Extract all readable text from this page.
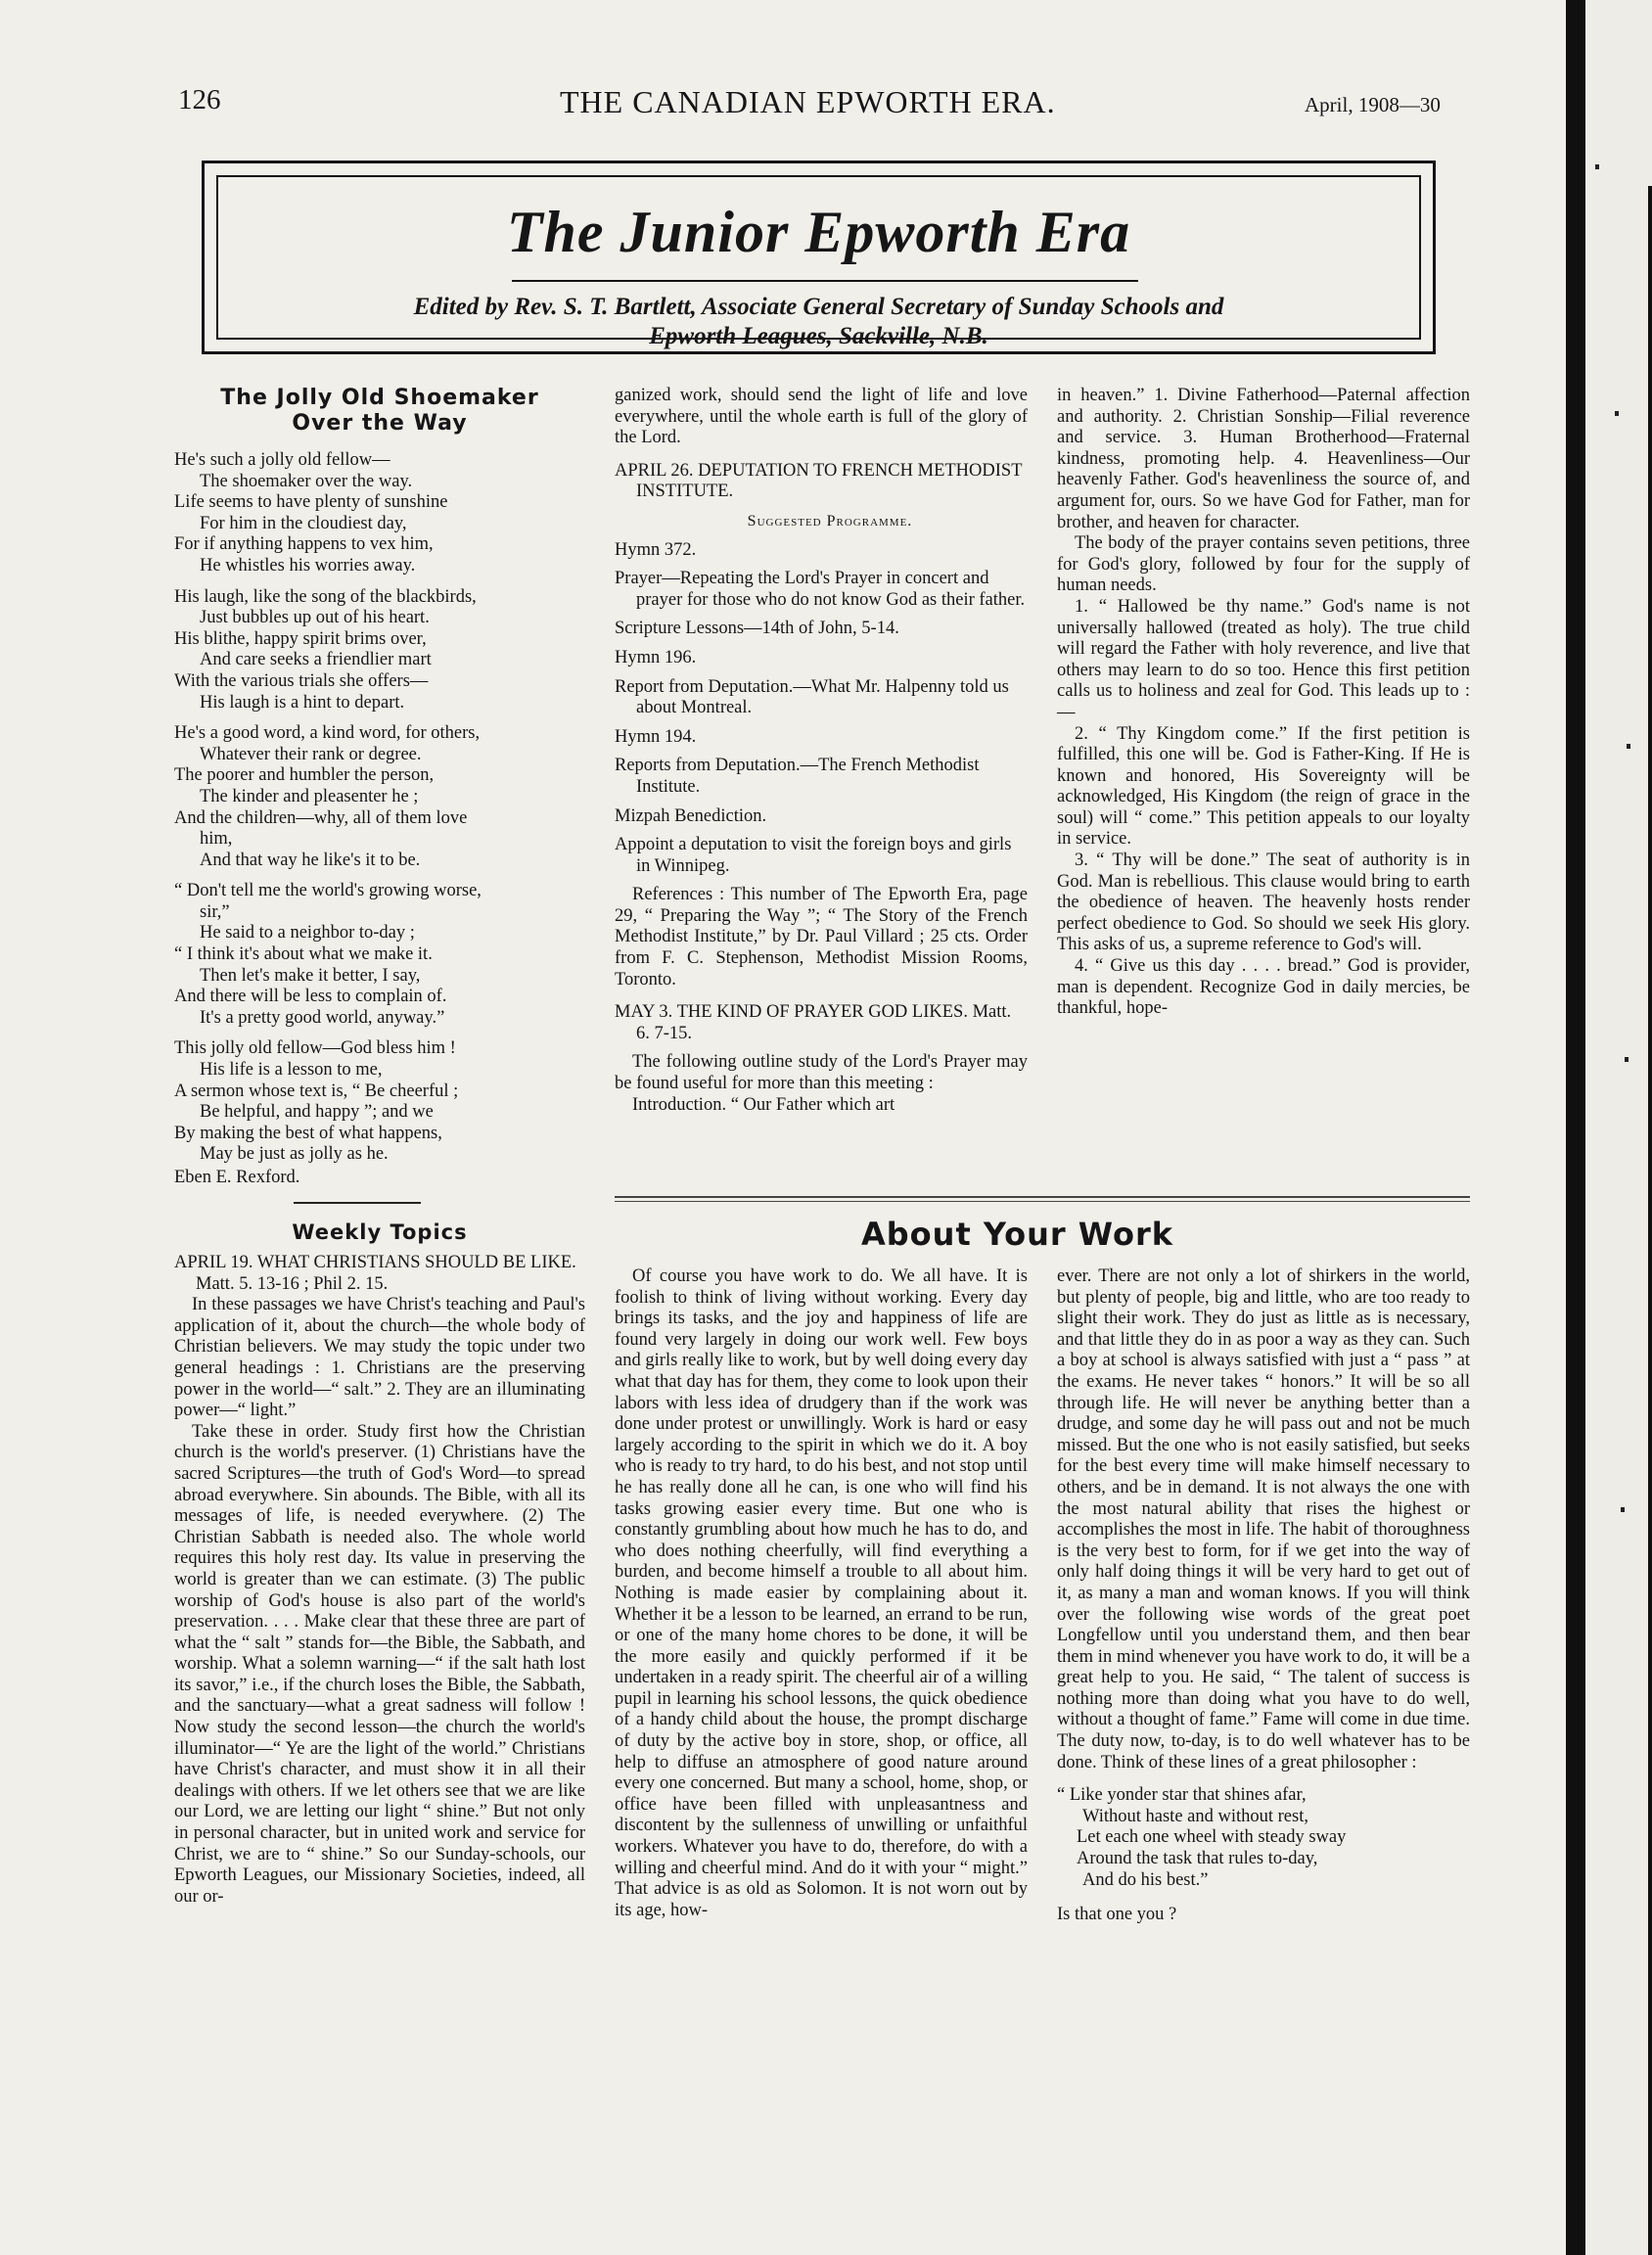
126	THE CANADIAN EPWORTH ERA.	April, 1908—30
The Junior Epworth Era
Edited by Rev. S. T. Bartlett, Associate General Secretary of Sunday Schools and
Epworth Leagues, Sackville, N.B.
The Jolly Old Shoemaker
Over the Way

He's such a jolly old fellow—

The shoemaker over the way.

Life seems to have plenty of sunshine

For him in the cloudiest day,

For if anything happens to vex him,

He whistles his worries away.

His laugh, like the song of the blackbirds,

Just bubbles up out of his heart.

His blithe, happy spirit brims over,

And care seeks a friendlier mart

With the various trials she offers—

His laugh is a hint to depart.

He's a good word, a kind word, for others,

Whatever their rank or degree.

The poorer and humbler the person,

The kinder and pleasenter he ;

And the children—why, all of them love

him,

And that way he like's it to be.

“ Don't tell me the world's growing worse,

sir,”

He said to a neighbor to-day ;

“ I think it's about what we make it.

Then let's make it better, I say,

And there will be less to complain of.

It's a pretty good world, anyway.”

This jolly old fellow—God bless him !

His life is a lesson to me,

A sermon whose text is, “ Be cheerful ;

Be helpful, and happy ”; and we

By making the best of what happens,

May be just as jolly as he.

Eben E. Rexford.

Weekly Topics

APRIL 19. WHAT CHRISTIANS SHOULD BE LIKE. Matt. 5. 13-16 ; Phil 2. 15.

In these passages we have Christ's teaching and Paul's application of it, about the church—the whole body of Christian believers. We may study the topic under two general headings : 1. Christians are the preserving power in the world—“ salt.” 2. They are an illuminating power—“ light.”

Take these in order. Study first how the Christian church is the world's preserver. (1) Christians have the sacred Scriptures—the truth of God's Word—to spread abroad everywhere. Sin abounds. The Bible, with all its messages of life, is needed everywhere. (2) The Christian Sabbath is needed also. The whole world requires this holy rest day. Its value in preserving the world is greater than we can estimate. (3) The public worship of God's house is also part of the world's preservation. . . . Make clear that these three are part of what the “ salt ” stands for—the Bible, the Sabbath, and worship. What a solemn warning—“ if the salt hath lost its savor,” i.e., if the church loses the Bible, the Sabbath, and the sanctuary—what a great sadness will follow ! Now study the second lesson—the church the world's illuminator—“ Ye are the light of the world.” Christians have Christ's character, and must show it in all their dealings with others. If we let others see that we are like our Lord, we are letting our light “ shine.” But not only in personal character, but in united work and service for Christ, we are to “ shine.” So our Sunday-schools, our Epworth Leagues, our Missionary Societies, indeed, all our or-

ganized work, should send the light of life and love everywhere, until the whole earth is full of the glory of the Lord.

APRIL 26. DEPUTATION TO FRENCH METHODIST INSTITUTE.

Suggested Programme.

Hymn 372.

Prayer—Repeating the Lord's Prayer in concert and prayer for those who do not know God as their father.

Scripture Lessons—14th of John, 5-14.

Hymn 196.

Report from Deputation.—What Mr. Halpenny told us about Montreal.

Hymn 194.

Reports from Deputation.—The French Methodist Institute.

Mizpah Benediction.

Appoint a deputation to visit the foreign boys and girls in Winnipeg.

References : This number of The Epworth Era, page 29, “ Preparing the Way ”; “ The Story of the French Methodist Institute,” by Dr. Paul Villard ; 25 cts. Order from F. C. Stephenson, Methodist Mission Rooms, Toronto.

MAY 3. THE KIND OF PRAYER GOD LIKES. Matt. 6. 7-15.

The following outline study of the Lord's Prayer may be found useful for more than this meeting :

Introduction. “ Our Father which art

in heaven.” 1. Divine Fatherhood—Paternal affection and authority. 2. Christian Sonship—Filial reverence and service. 3. Human Brotherhood—Fraternal kindness, promoting help. 4. Heavenliness—Our heavenly Father. God's heavenliness the source of, and argument for, ours. So we have God for Father, man for brother, and heaven for character.

The body of the prayer contains seven petitions, three for God's glory, followed by four for the supply of human needs.

1. “ Hallowed be thy name.” God's name is not universally hallowed (treated as holy). The true child will regard the Father with holy reverence, and live that others may learn to do so too. Hence this first petition calls us to holiness and zeal for God. This leads up to :—

2. “ Thy Kingdom come.” If the first petition is fulfilled, this one will be. God is Father-King. If He is known and honored, His Sovereignty will be acknowledged, His Kingdom (the reign of grace in the soul) will “ come.” This petition appeals to our loyalty in service.

3. “ Thy will be done.” The seat of authority is in God. Man is rebellious. This clause would bring to earth the obedience of heaven. The heavenly hosts render perfect obedience to God. So should we seek His glory. This asks of us, a supreme reference to God's will.

4. “ Give us this day . . . . bread.” God is provider, man is dependent. Recognize God in daily mercies, be thankful, hope-

About Your Work

Of course you have work to do. We all have. It is foolish to think of living without working. Every day brings its tasks, and the joy and happiness of life are found very largely in doing our work well. Few boys and girls really like to work, but by well doing every day what that day has for them, they come to look upon their labors with less idea of drudgery than if the work was done under protest or unwillingly. Work is hard or easy largely according to the spirit in which we do it. A boy who is ready to try hard, to do his best, and not stop until he has really done all he can, is one who will find his tasks growing easier every time. But one who is constantly grumbling about how much he has to do, and who does nothing cheerfully, will find everything a burden, and become himself a trouble to all about him. Nothing is made easier by complaining about it. Whether it be a lesson to be learned, an errand to be run, or one of the many home chores to be done, it will be the more easily and quickly performed if it be undertaken in a ready spirit. The cheerful air of a willing pupil in learning his school lessons, the quick obedience of a handy child about the house, the prompt discharge of duty by the active boy in store, shop, or office, all help to diffuse an atmosphere of good nature around every one concerned. But many a school, home, shop, or office have been filled with unpleasantness and discontent by the sullenness of unwilling or unfaithful workers. Whatever you have to do, therefore, do with a willing and cheerful mind. And do it with your “ might.” That advice is as old as Solomon. It is not worn out by its age, how-

ever. There are not only a lot of shirkers in the world, but plenty of people, big and little, who are too ready to slight their work. They do just as little as is necessary, and that little they do in as poor a way as they can. Such a boy at school is always satisfied with just a “ pass ” at the exams. He never takes “ honors.” It will be so all through life. He will never be anything better than a drudge, and some day he will pass out and not be much missed. But the one who is not easily satisfied, but seeks for the best every time will make himself necessary to others, and be in demand. It is not always the one with the most natural ability that rises the highest or accomplishes the most in life. The habit of thoroughness is the very best to form, for if we get into the way of only half doing things it will be very hard to get out of it, as many a man and woman knows. If you will think over the following wise words of the great poet Longfellow until you understand them, and then bear them in mind whenever you have work to do, it will be a great help to you. He said, “ The talent of success is nothing more than doing what you have to do well, without a thought of fame.” Fame will come in due time. The duty now, to-day, is to do well whatever has to be done. Think of these lines of a great philosopher :

“ Like yonder star that shines afar,

Without haste and without rest,

Let each one wheel with steady sway

Around the task that rules to-day,

And do his best.”

Is that one you ?
